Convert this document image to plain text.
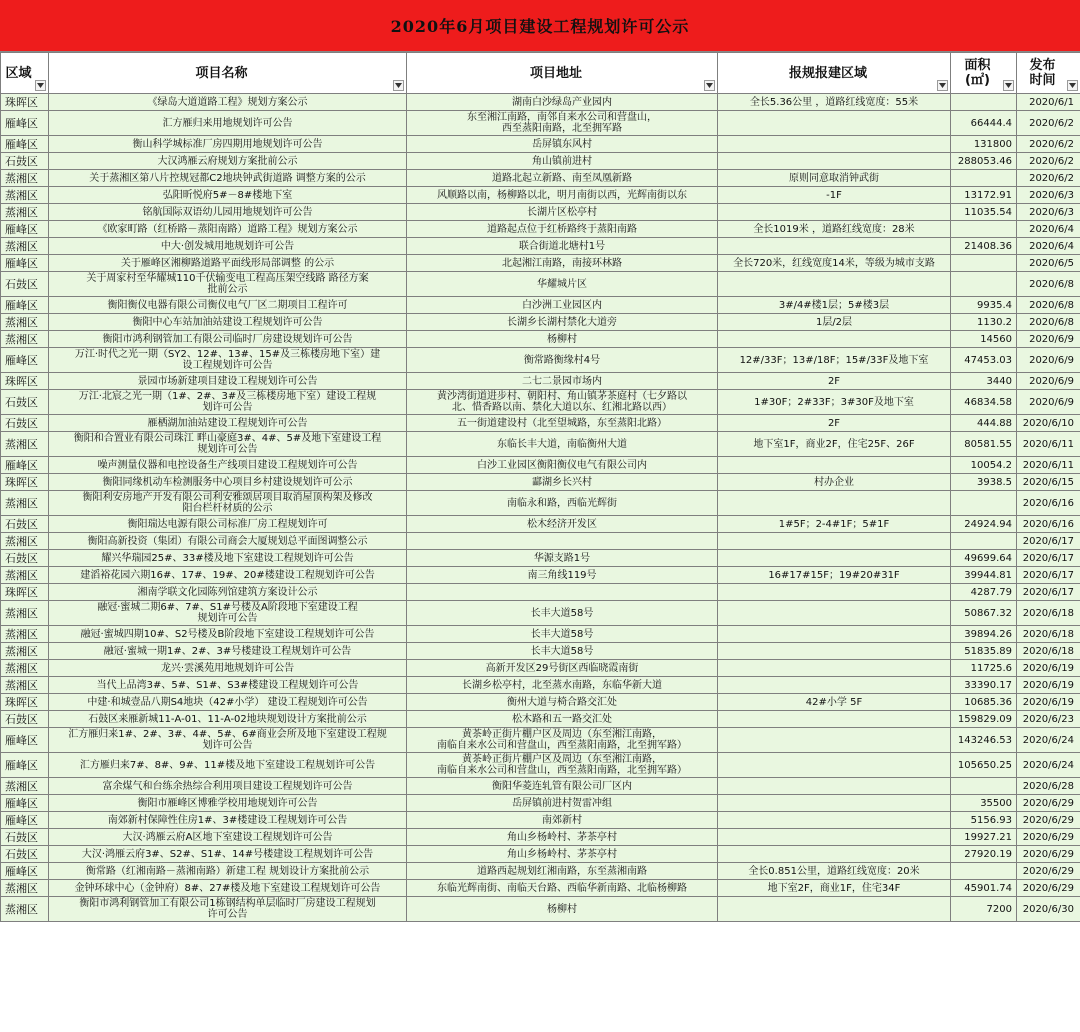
2020年6月项目建设工程规划许可公示
区域	项目名称	项目地址	报规报建区域	面积
(㎡)	发布
时间

珠晖区	《绿岛大道道路工程》规划方案公示	湖南白沙绿岛产业园内	全长5.36公里 ，道路红线宽度：55米		2020/6/1
雁峰区	汇方雁归来用地规划许可公告	东至湘江南路，南邻自来水公司和营盘山，
西至蒸阳南路，北至拥军路		66444.4	2020/6/2
雁峰区	衡山科学城标准厂房四期用地规划许可公告	岳屏镇东风村		131800	2020/6/2
石鼓区	大汉鸿雁云府规划方案批前公示	角山镇前进村		288053.46	2020/6/2
蒸湘区	关于蒸湘区第八片控规冠都C2地块钟武街道路 调整方案的公示	道路北起立新路、南至凤凰新路	原则同意取消钟武街		2020/6/2
蒸湘区	弘阳昕悦府5#－8#楼地下室	风顺路以南，杨柳路以北，明月南街以西，光辉南街以东	-1F	13172.91	2020/6/3
蒸湘区	铭航国际双语幼儿园用地规划许可公告	长湖片区松亭村		11035.54	2020/6/3
雁峰区	《欧家町路（红桥路－蒸阳南路）道路工程》规划方案公示	道路起点位于红桥路终于蒸阳南路	全长1019米 ，道路红线宽度：28米		2020/6/4
蒸湘区	中大·创发城用地规划许可公告	联合街道北塘村1号		21408.36	2020/6/4
雁峰区	关于雁峰区湘柳路道路平面线形局部调整 的公示	北起湘江南路，南接环林路	全长720米，红线宽度14米，等级为城市支路		2020/6/5
石鼓区	关于周家村至华耀城110千伏输变电工程高压架空线路 路径方案
批前公示	华耀城片区			2020/6/8
雁峰区	衡阳衡仪电器有限公司衡仪电气厂区二期项目工程许可	白沙洲工业园区内	3#/4#楼1层；5#楼3层	9935.4	2020/6/8
蒸湘区	衡阳中心车站加油站建设工程规划许可公告	长湖乡长湖村禁化大道旁	1层/2层	1130.2	2020/6/8
蒸湘区	衡阳市鸿利钢管加工有限公司临时厂房建设规划许可公告	杨柳村		14560	2020/6/9
雁峰区	万江·时代之光一期（SY2、12#、13#、15#及三栋楼房地下室）建
设工程规划许可公告	衡常路衡缘村4号	12#/33F；13#/18F；15#/33F及地下室	47453.03	2020/6/9
珠晖区	景园市场新建项目建设工程规划许可公告	二七二景园市场内	2F	3440	2020/6/9
石鼓区	万江·北宸之光一期（1#、2#、3#及三栋楼房地下室）建设工程规
划许可公告	黄沙湾街道进步村、朝阳村、角山镇茅茶庭村（七夕路以
北、惜香路以南、禁化大道以东、红湘北路以西）	1#30F；2#33F；3#30F及地下室	46834.58	2020/6/9
石鼓区	雁栖湖加油站建设工程规划许可公告	五一街道建设村（北至望城路，东至蒸阳北路）	2F	444.88	2020/6/10
蒸湘区	衡阳和合置业有限公司珠江 畔山豪庭3#、4#、5#及地下室建设工程
规划许可公告	东临长丰大道，南临衡州大道	地下室1F，商业2F，住宅25F、26F	80581.55	2020/6/11
雁峰区	噪声测量仪器和电控设备生产线项目建设工程规划许可公告	白沙工业园区衡阳衡仪电气有限公司内		10054.2	2020/6/11
珠晖区	衡阳同缘机动车检测服务中心项目乡村建设规划许可公示	酃湖乡长兴村	村办企业	3938.5	2020/6/15
蒸湘区	衡阳利安房地产开发有限公司利安雅颂居项目取消屋顶构架及修改
阳台栏杆材质的公示	南临永和路，西临光辉街			2020/6/16
石鼓区	衡阳瑞达电源有限公司标准厂房工程规划许可	松木经济开发区	1#5F；2-4#1F；5#1F	24924.94	2020/6/16
蒸湘区	衡阳高新投资（集团）有限公司商会大厦规划总平面图调整公示				2020/6/17
石鼓区	耀兴华瑞园25#、33#楼及地下室建设工程规划许可公告	华源支路1号		49699.64	2020/6/17
蒸湘区	建滔裕花园六期16#、17#、19#、20#楼建设工程规划许可公告	南三角线119号	16#17#15F；19#20#31F	39944.81	2020/6/17
珠晖区	湘南学联文化园陈列馆建筑方案设计公示			4287.79	2020/6/17
蒸湘区	融冠·蜜城二期6#、7#、S1#号楼及A阶段地下室建设工程
规划许可公告	长丰大道58号		50867.32	2020/6/18
蒸湘区	融冠·蜜城四期10#、S2号楼及B阶段地下室建设工程规划许可公告	长丰大道58号		39894.26	2020/6/18
蒸湘区	融冠·蜜城一期1#、2#、3#号楼建设工程规划许可公告	长丰大道58号		51835.89	2020/6/18
蒸湘区	龙兴·雲溪苑用地规划许可公告	高新开发区29号街区西临晓霞南街		11725.6	2020/6/19
蒸湘区	当代上品湾3#、5#、S1#、S3#楼建设工程规划许可公告	长湖乡松亭村，北至蒸水南路，东临华新大道		33390.17	2020/6/19
珠晖区	中建·和城壹品八期S4地块（42#小学） 建设工程规划许可公告	衡州大道与椅合路交汇处	42#小学 5F	10685.36	2020/6/19
石鼓区	石鼓区来雁新城11-A-01、11-A-02地块规划设计方案批前公示	松木路和五一路交汇处		159829.09	2020/6/23
雁峰区	汇方雁归来1#、2#、3#、4#、5#、6#商业会所及地下室建设工程规
划许可公告	黄茶岭正街片棚户区及周边（东至湘江南路，
南临自来水公司和营盘山，西至蒸阳南路，北至拥军路）		143246.53	2020/6/24
雁峰区	汇方雁归来7#、8#、9#、11#楼及地下室建设工程规划许可公告	黄茶岭正街片棚户区及周边（东至湘江南路，
南临自来水公司和营盘山，西至蒸阳南路，北至拥军路）		105650.25	2020/6/24
蒸湘区	富余煤气和台练余热综合利用项目建设工程规划许可公告	衡阳华菱连轧管有限公司厂区内			2020/6/28
雁峰区	衡阳市雁峰区博雅学校用地规划许可公告	岳屏镇前进村贺雷冲组		35500	2020/6/29
雁峰区	南郊新村保障性住房1#、3#楼建设工程规划许可公告	南郊新村		5156.93	2020/6/29
石鼓区	大汉·鸿雁云府A区地下室建设工程规划许可公告	角山乡杨岭村、茅茶亭村		19927.21	2020/6/29
石鼓区	大汉·鸿雁云府3#、S2#、S1#、14#号楼建设工程规划许可公告	角山乡杨岭村、茅茶亭村		27920.19	2020/6/29
雁峰区	衡常路（红湘南路－蒸湘南路）新建工程 规划设计方案批前公示	道路西起规划红湘南路，东至蒸湘南路	全长0.851公里，道路红线宽度：20米		2020/6/29
蒸湘区	金钟环球中心（金钟府）8#、27#楼及地下室建设工程规划许可公告	东临光辉南街、南临天台路、西临华新南路、北临杨柳路	地下室2F，商业1F，住宅34F	45901.74	2020/6/29
蒸湘区	衡阳市鸿利钢管加工有限公司1栋钢结构单层临时厂房建设工程规划
许可公告	杨柳村		7200	2020/6/30
